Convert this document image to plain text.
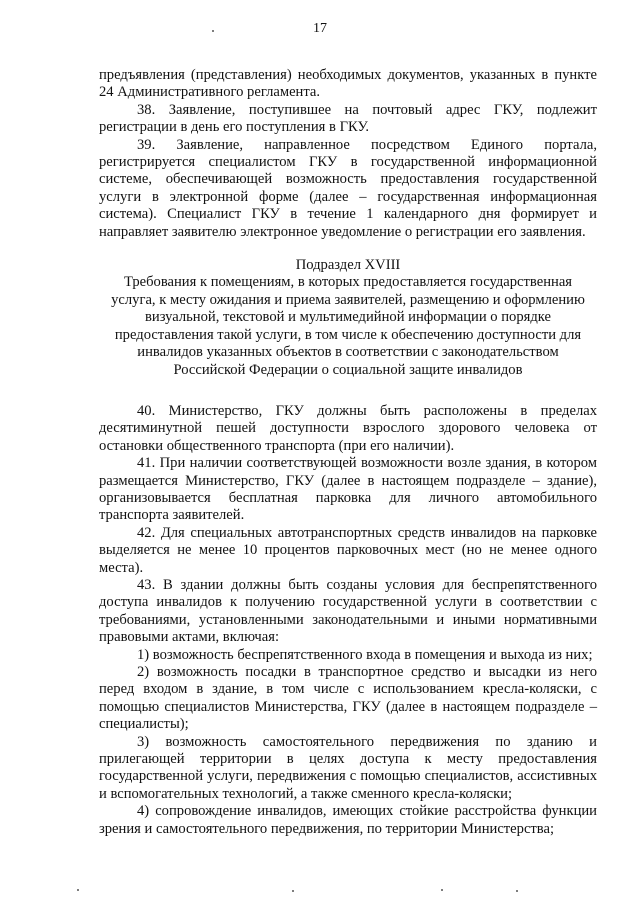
17

предъявления (представления) необходимых документов, указанных в пункте 24 Административного регламента.

38. Заявление, поступившее на почтовый адрес ГКУ, подлежит регистрации в день его поступления в ГКУ.

39. Заявление, направленное посредством Единого портала, регистрируется специалистом ГКУ в государственной информационной системе, обеспечивающей возможность предоставления государственной услуги в электронной форме (далее – государственная информационная система). Специалист ГКУ в течение 1 календарного дня формирует и направляет заявителю электронное уведомление о регистрации его заявления.

Подраздел XVIII
Требования к помещениям, в которых предоставляется государственная
услуга, к месту ожидания и приема заявителей, размещению и оформлению
визуальной, текстовой и мультимедийной информации о порядке
предоставления такой услуги, в том числе к обеспечению доступности для
инвалидов указанных объектов в соответствии с законодательством
Российской Федерации о социальной защите инвалидов

40. Министерство, ГКУ должны быть расположены в пределах десятиминутной пешей доступности взрослого здорового человека от остановки общественного транспорта (при его наличии).

41. При наличии соответствующей возможности возле здания, в котором размещается Министерство, ГКУ (далее в настоящем подразделе – здание), организовывается бесплатная парковка для личного автомобильного транспорта заявителей.

42. Для специальных автотранспортных средств инвалидов на парковке выделяется не менее 10 процентов парковочных мест (но не менее одного места).

43. В здании должны быть созданы условия для беспрепятственного доступа инвалидов к получению государственной услуги в соответствии с требованиями, установленными законодательными и иными нормативными правовыми актами, включая:

1) возможность беспрепятственного входа в помещения и выхода из них;

2) возможность посадки в транспортное средство и высадки из него перед входом в здание, в том числе с использованием кресла-коляски, с помощью специалистов Министерства, ГКУ (далее в настоящем подразделе – специалисты);

3) возможность самостоятельного передвижения по зданию и прилегающей территории в целях доступа к месту предоставления государственной услуги, передвижения с помощью специалистов, ассистивных и вспомогательных технологий, а также сменного кресла-коляски;

4) сопровождение инвалидов, имеющих стойкие расстройства функции зрения и самостоятельного передвижения, по территории Министерства;
